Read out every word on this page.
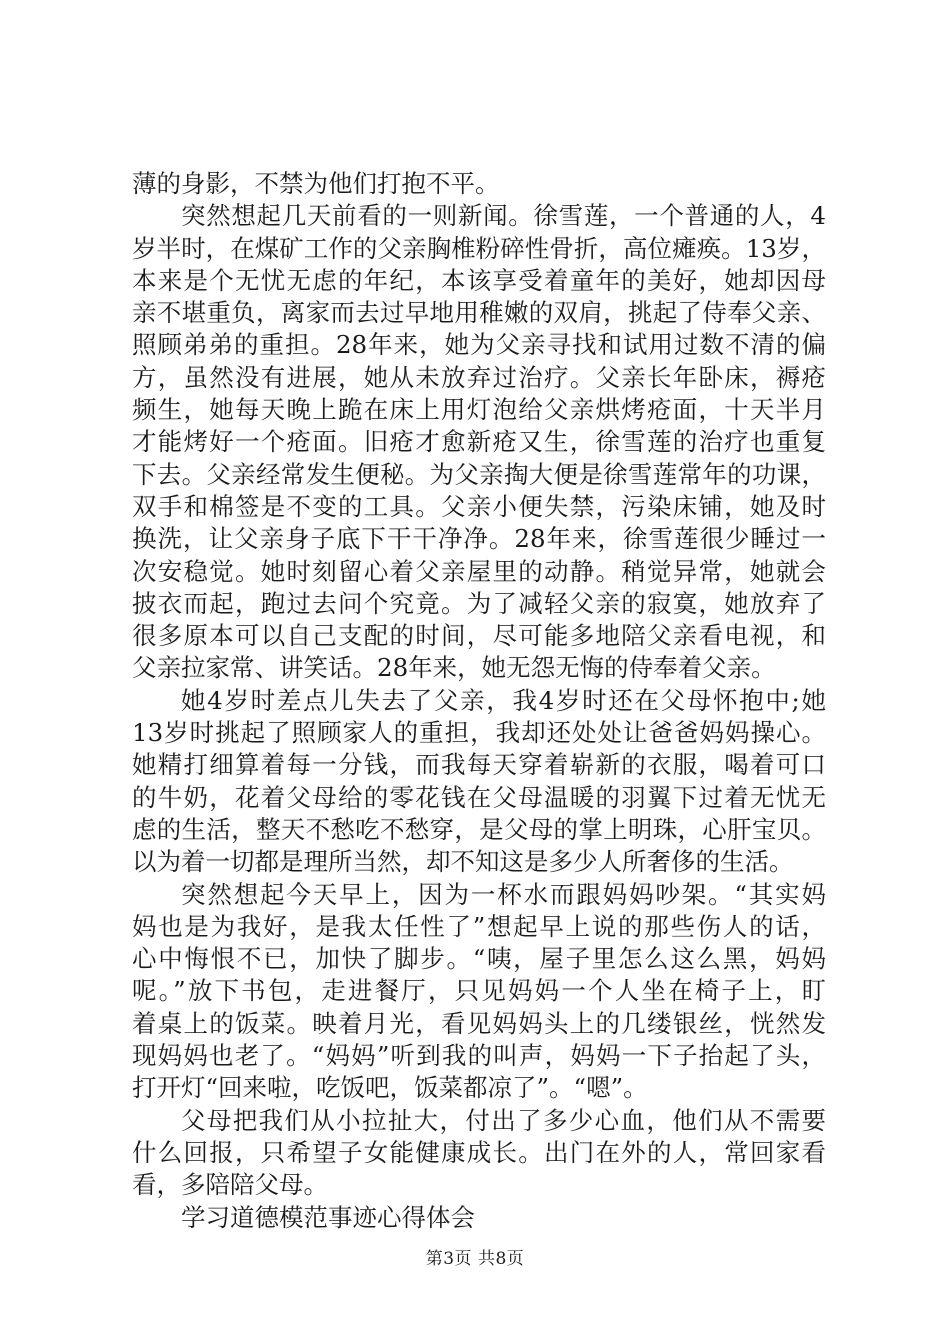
薄的身影，不禁为他们打抱不平。
突然想起几天前看的一则新闻。徐雪莲，一个普通的人，4
岁半时，在煤矿工作的父亲胸椎粉碎性骨折，高位瘫痪。13岁，
本来是个无忧无虑的年纪，本该享受着童年的美好，她却因母
亲不堪重负，离家而去过早地用稚嫩的双肩，挑起了侍奉父亲、
照顾弟弟的重担。28年来，她为父亲寻找和试用过数不清的偏
方，虽然没有进展，她从未放弃过治疗。父亲长年卧床，褥疮
频生，她每天晚上跪在床上用灯泡给父亲烘烤疮面，十天半月
才能烤好一个疮面。旧疮才愈新疮又生，徐雪莲的治疗也重复
下去。父亲经常发生便秘。为父亲掏大便是徐雪莲常年的功课，
双手和棉签是不变的工具。父亲小便失禁，污染床铺，她及时
换洗，让父亲身子底下干干净净。28年来，徐雪莲很少睡过一
次安稳觉。她时刻留心着父亲屋里的动静。稍觉异常，她就会
披衣而起，跑过去问个究竟。为了减轻父亲的寂寞，她放弃了
很多原本可以自己支配的时间，尽可能多地陪父亲看电视，和
父亲拉家常、讲笑话。28年来，她无怨无悔的侍奉着父亲。
她4岁时差点儿失去了父亲，我4岁时还在父母怀抱中;她
13岁时挑起了照顾家人的重担，我却还处处让爸爸妈妈操心。
她精打细算着每一分钱，而我每天穿着崭新的衣服，喝着可口
的牛奶，花着父母给的零花钱在父母温暖的羽翼下过着无忧无
虑的生活，整天不愁吃不愁穿，是父母的掌上明珠，心肝宝贝。
以为着一切都是理所当然，却不知这是多少人所奢侈的生活。
突然想起今天早上，因为一杯水而跟妈妈吵架。“其实妈
妈也是为我好，是我太任性了”想起早上说的那些伤人的话，
心中悔恨不已，加快了脚步。“咦，屋子里怎么这么黑，妈妈
呢。”放下书包，走进餐厅，只见妈妈一个人坐在椅子上，盯
着桌上的饭菜。映着月光，看见妈妈头上的几缕银丝，恍然发
现妈妈也老了。“妈妈”听到我的叫声，妈妈一下子抬起了头，
打开灯“回来啦，吃饭吧，饭菜都凉了”。“嗯”。
父母把我们从小拉扯大，付出了多少心血，他们从不需要
什么回报，只希望子女能健康成长。出门在外的人，常回家看
看，多陪陪父母。
学习道德模范事迹心得体会
第3页 共8页
